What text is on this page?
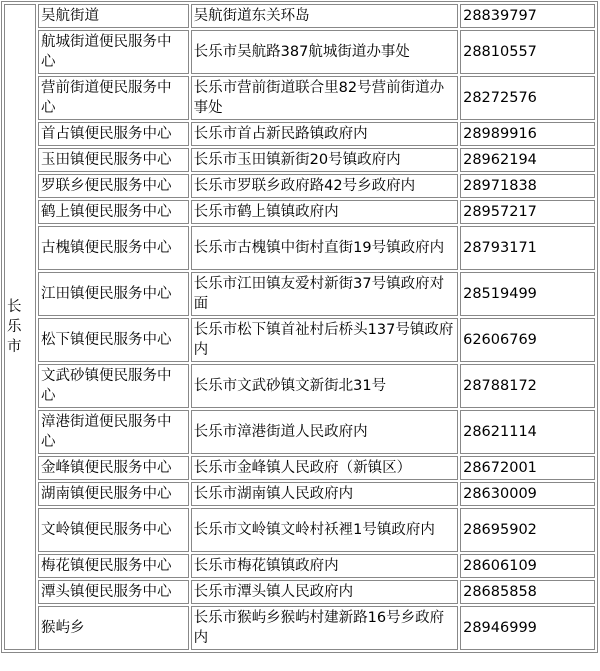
长乐市	吴航街道	吴航街道东关环岛	28839797
	航城街道便民服务中心	长乐市吴航路387航城街道办事处	28810557
	营前街道便民服务中心	长乐市营前街道联合里82号营前街道办事处	28272576
	首占镇便民服务中心	长乐市首占新民路镇政府内	28989916
	玉田镇便民服务中心	长乐市玉田镇新街20号镇政府内	28962194
	罗联乡便民服务中心	长乐市罗联乡政府路42号乡政府内	28971838
	鹤上镇便民服务中心	长乐市鹤上镇镇政府内	28957217
	古槐镇便民服务中心	长乐市古槐镇中街村直街19号镇政府内	28793171
	江田镇便民服务中心	长乐市江田镇友爱村新街37号镇政府对面	28519499
	松下镇便民服务中心	长乐市松下镇首祉村后桥头137号镇政府内	62606769
	文武砂镇便民服务中心	长乐市文武砂镇文新街北31号	28788172
	漳港街道便民服务中心	长乐市漳港街道人民政府内	28621114
	金峰镇便民服务中心	长乐市金峰镇人民政府（新镇区）	28672001
	湖南镇便民服务中心	长乐市湖南镇人民政府内	28630009
	文岭镇便民服务中心	长乐市文岭镇文岭村袄裡1号镇政府内	28695902
	梅花镇便民服务中心	长乐市梅花镇镇政府内	28606109
	潭头镇便民服务中心	长乐市潭头镇人民政府内	28685858
	猴屿乡	长乐市猴屿乡猴屿村建新路16号乡政府内	28946999
